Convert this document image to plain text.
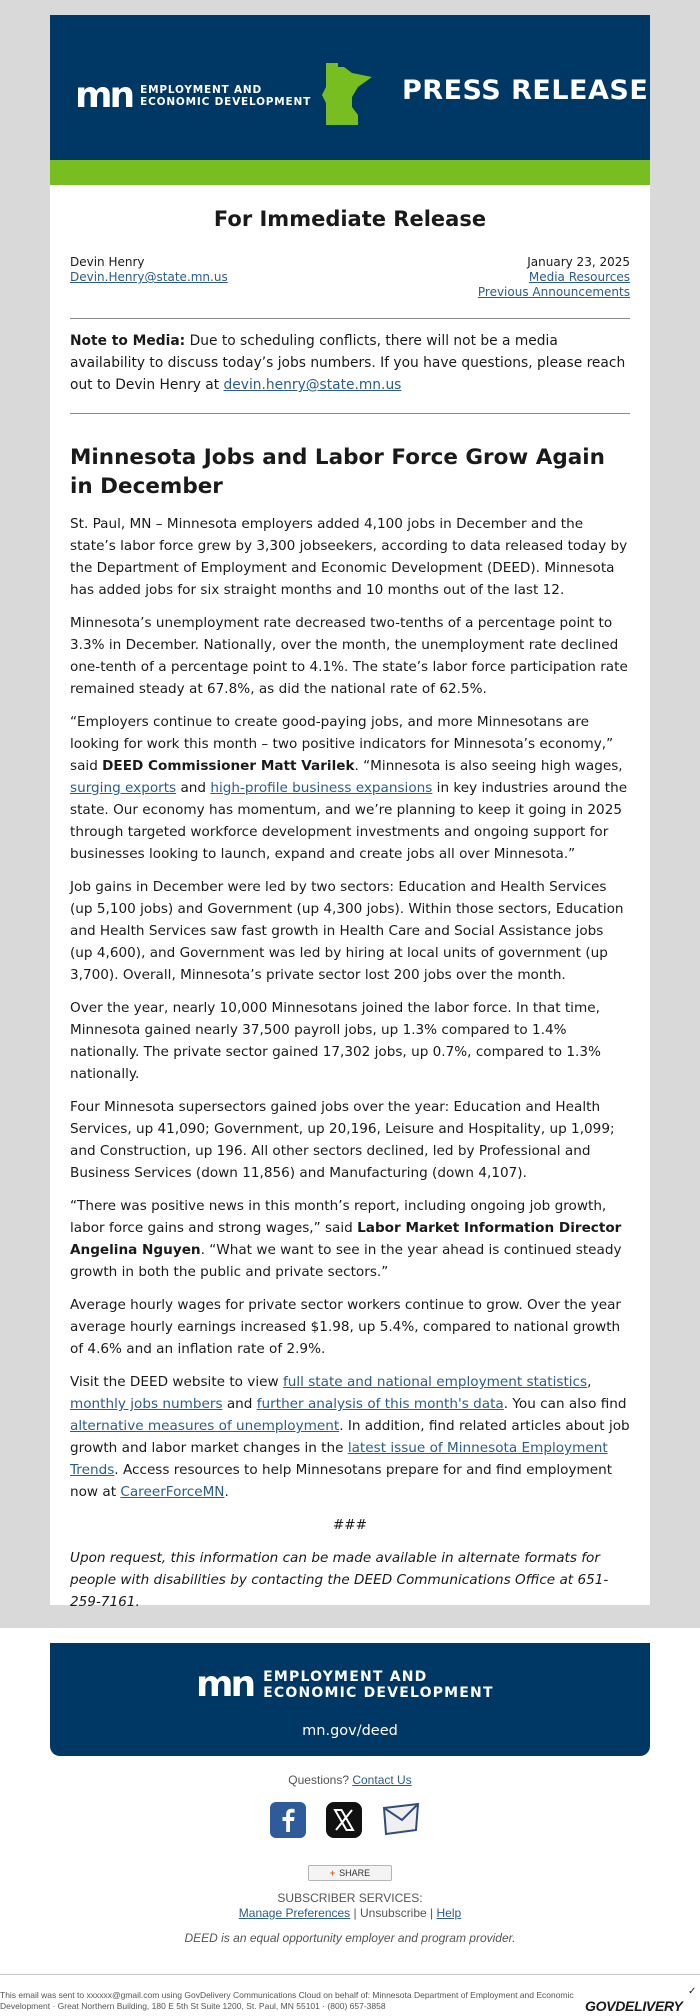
mn EMPLOYMENT AND
ECONOMIC DEVELOPMENT	PRESS RELEASE
For Immediate Release
Devin Henry
Devin.Henry@state.mn.us
January 23, 2025
Media Resources
Previous Announcements
Note to Media: Due to scheduling conflicts, there will not be a media availability to discuss today’s jobs numbers. If you have questions, please reach out to Devin Henry at devin.henry@state.mn.us
Minnesota Jobs and Labor Force Grow Again in December

St. Paul, MN – Minnesota employers added 4,100 jobs in December and the state’s labor force grew by 3,300 jobseekers, according to data released today by the Department of Employment and Economic Development (DEED). Minnesota has added jobs for six straight months and 10 months out of the last 12.

Minnesota’s unemployment rate decreased two-tenths of a percentage point to 3.3% in December. Nationally, over the month, the unemployment rate declined one-tenth of a percentage point to 4.1%. The state’s labor force participation rate remained steady at 67.8%, as did the national rate of 62.5%.

“Employers continue to create good-paying jobs, and more Minnesotans are looking for work this month – two positive indicators for Minnesota’s economy,” said DEED Commissioner Matt Varilek. “Minnesota is also seeing high wages, surging exports and high-profile business expansions in key industries around the state. Our economy has momentum, and we’re planning to keep it going in 2025 through targeted workforce development investments and ongoing support for businesses looking to launch, expand and create jobs all over Minnesota.”

Job gains in December were led by two sectors: Education and Health Services (up 5,100 jobs) and Government (up 4,300 jobs). Within those sectors, Education and Health Services saw fast growth in Health Care and Social Assistance jobs (up 4,600), and Government was led by hiring at local units of government (up 3,700). Overall, Minnesota’s private sector lost 200 jobs over the month.

Over the year, nearly 10,000 Minnesotans joined the labor force. In that time, Minnesota gained nearly 37,500 payroll jobs, up 1.3% compared to 1.4% nationally. The private sector gained 17,302 jobs, up 0.7%, compared to 1.3% nationally.

Four Minnesota supersectors gained jobs over the year: Education and Health Services, up 41,090; Government, up 20,196, Leisure and Hospitality, up 1,099; and Construction, up 196. All other sectors declined, led by Professional and Business Services (down 11,856) and Manufacturing (down 4,107).

“There was positive news in this month’s report, including ongoing job growth, labor force gains and strong wages,” said Labor Market Information Director Angelina Nguyen. “What we want to see in the year ahead is continued steady growth in both the public and private sectors.”

Average hourly wages for private sector workers continue to grow. Over the year average hourly earnings increased $1.98, up 5.4%, compared to national growth of 4.6% and an inflation rate of 2.9%.

Visit the DEED website to view full state and national employment statistics, monthly jobs numbers and further analysis of this month's data. You can also find alternative measures of unemployment. In addition, find related articles about job growth and labor market changes in the latest issue of Minnesota Employment Trends. Access resources to help Minnesotans prepare for and find employment now at CareerForceMN.

###

Upon request, this information can be made available in alternate formats for people with disabilities by contacting the DEED Communications Office at 651-259-7161.

mn EMPLOYMENT AND
ECONOMIC DEVELOPMENT
mn.gov/deed
Questions? Contact Us
+ SHARE
SUBSCRIBER SERVICES:
Manage Preferences | Unsubscribe | Help
DEED is an equal opportunity employer and program provider.
This email was sent to xxxxxx@gmail.com using GovDelivery Communications Cloud on behalf of: Minnesota Department of Employment and Economic Development · Great Northern Building, 180 E 5th St Suite 1200, St. Paul, MN 55101 · (800) 657-3858	GOVDELIVERY
✓
